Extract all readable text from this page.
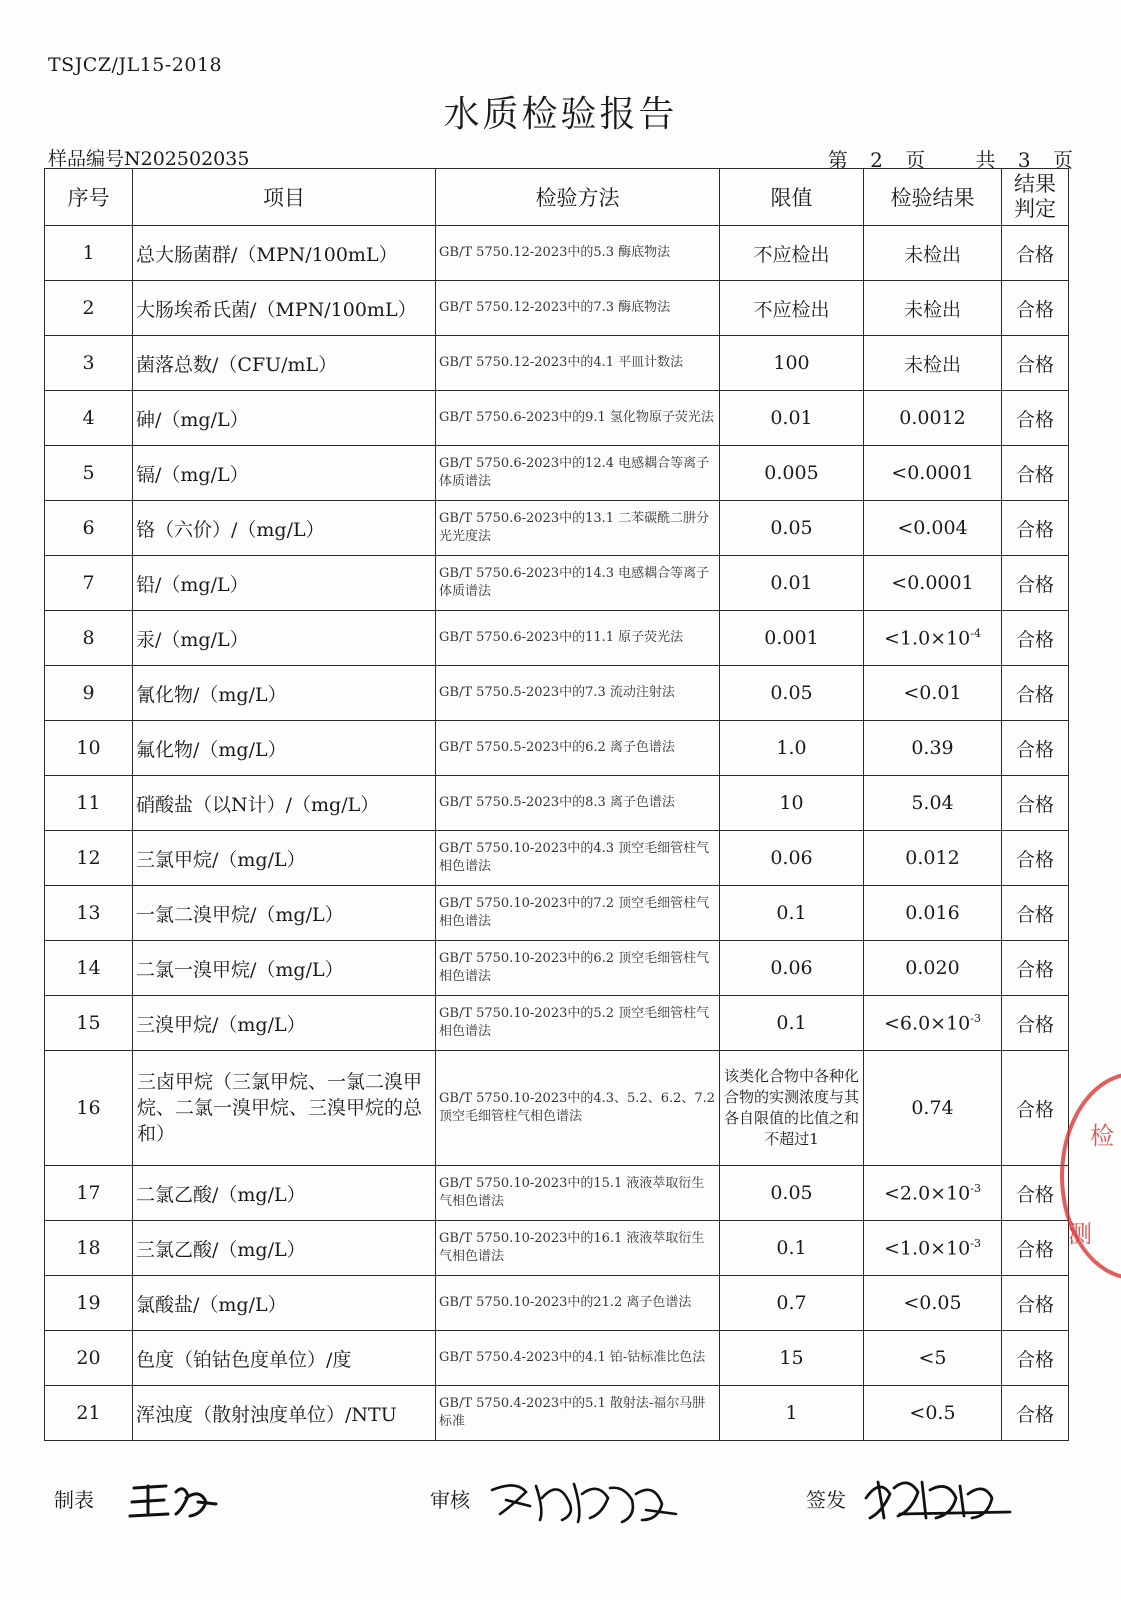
TSJCZ/JL15-2018
水质检验报告
样品编号N202502035	第 2 页	共 3 页
序号	项目	检验方法	限值	检验结果	结果判定
1	总大肠菌群/（MPN/100mL）	GB/T 5750.12-2023中的5.3 酶底物法	不应检出	未检出	合格
2	大肠埃希氏菌/（MPN/100mL）	GB/T 5750.12-2023中的7.3 酶底物法	不应检出	未检出	合格
3	菌落总数/（CFU/mL）	GB/T 5750.12-2023中的4.1 平皿计数法	100	未检出	合格
4	砷/（mg/L）	GB/T 5750.6-2023中的9.1 氢化物原子荧光法	0.01	0.0012	合格
5	镉/（mg/L）	GB/T 5750.6-2023中的12.4 电感耦合等离子体质谱法	0.005	<0.0001	合格
6	铬（六价）/（mg/L）	GB/T 5750.6-2023中的13.1 二苯碳酰二肼分光光度法	0.05	<0.004	合格
7	铅/（mg/L）	GB/T 5750.6-2023中的14.3 电感耦合等离子体质谱法	0.01	<0.0001	合格
8	汞/（mg/L）	GB/T 5750.6-2023中的11.1 原子荧光法	0.001	$<1.0\times 10^{-4}$	合格
9	氰化物/（mg/L）	GB/T 5750.5-2023中的7.3 流动注射法	0.05	<0.01	合格
10	氟化物/（mg/L）	GB/T 5750.5-2023中的6.2 离子色谱法	1.0	0.39	合格
11	硝酸盐（以N计）/（mg/L）	GB/T 5750.5-2023中的8.3 离子色谱法	10	5.04	合格
12	三氯甲烷/（mg/L）	GB/T 5750.10-2023中的4.3 顶空毛细管柱气相色谱法	0.06	0.012	合格
13	一氯二溴甲烷/（mg/L）	GB/T 5750.10-2023中的7.2 顶空毛细管柱气相色谱法	0.1	0.016	合格
14	二氯一溴甲烷/（mg/L）	GB/T 5750.10-2023中的6.2 顶空毛细管柱气相色谱法	0.06	0.020	合格
15	三溴甲烷/（mg/L）	GB/T 5750.10-2023中的5.2 顶空毛细管柱气相色谱法	0.1	$<6.0\times 10^{-3}$	合格
16	三卤甲烷（三氯甲烷、一氯二溴甲烷、二氯一溴甲烷、三溴甲烷的总和）	GB/T 5750.10-2023中的4.3、5.2、6.2、7.2 顶空毛细管柱气相色谱法	该类化合物中各种化合物的实测浓度与其各自限值的比值之和不超过1	0.74	合格
17	二氯乙酸/（mg/L）	GB/T 5750.10-2023中的15.1 液液萃取衍生气相色谱法	0.05	$<2.0\times 10^{-3}$	合格
18	三氯乙酸/（mg/L）	GB/T 5750.10-2023中的16.1 液液萃取衍生气相色谱法	0.1	$<1.0\times 10^{-3}$	合格
19	氯酸盐/（mg/L）	GB/T 5750.10-2023中的21.2 离子色谱法	0.7	<0.05	合格
20	色度（铂钴色度单位）/度	GB/T 5750.4-2023中的4.1 铂-钴标准比色法	15	<5	合格
21	浑浊度（散射浊度单位）/NTU	GB/T 5750.4-2023中的5.1 散射法-福尔马肼标准	1	<0.5	合格
制表	审核	签发
检
测
